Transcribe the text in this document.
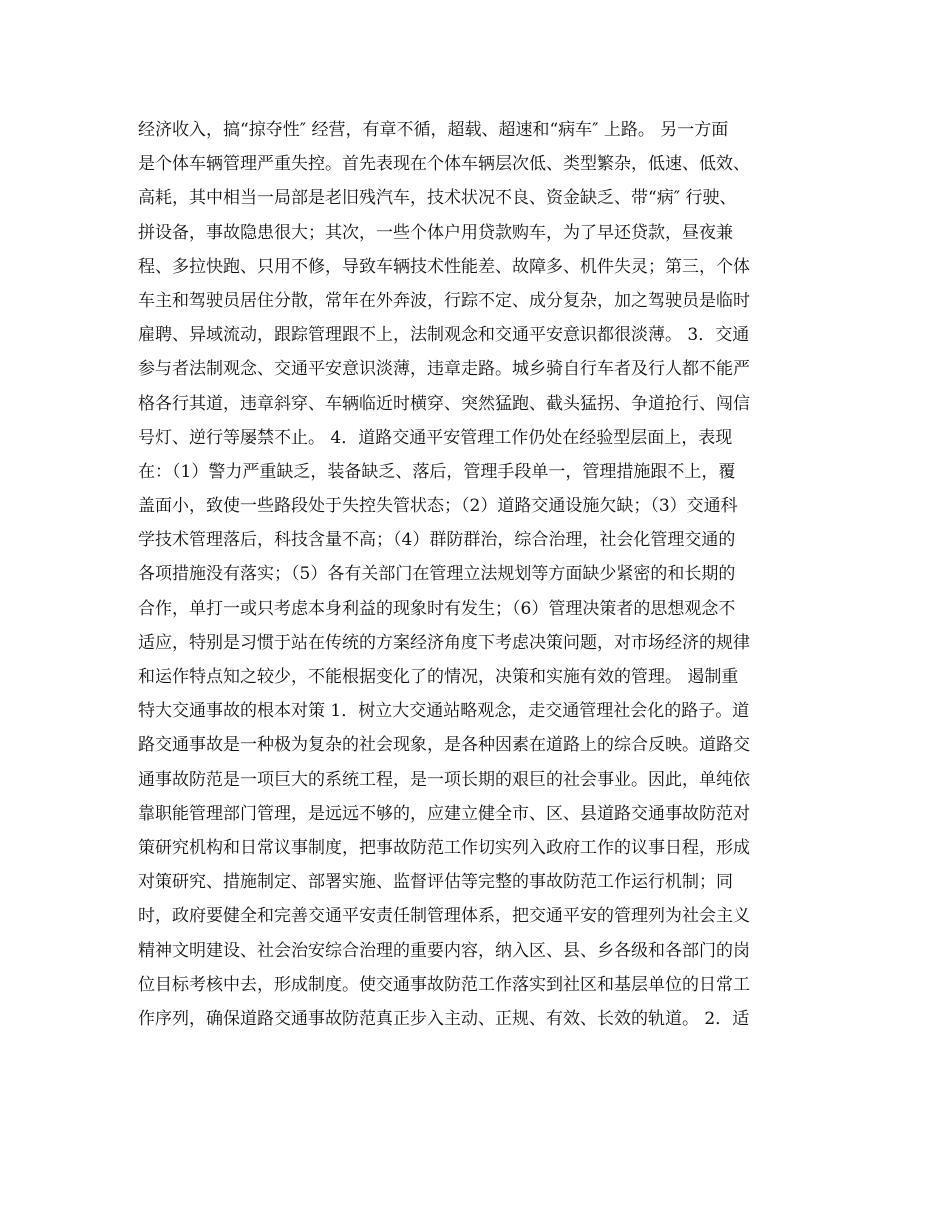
经济收入，搞“掠夺性″ 经营，有章不循，超载、超速和“病车″ 上路。 另一方面
是个体车辆管理严重失控。首先表现在个体车辆层次低、类型繁杂，低速、低效、
高耗，其中相当一局部是老旧残汽车，技术状况不良、资金缺乏、带“病″ 行驶、
拼设备，事故隐患很大；其次，一些个体户用贷款购车，为了早还贷款，昼夜兼
程、多拉快跑、只用不修，导致车辆技术性能差、故障多、机件失灵；第三，个体
车主和驾驶员居住分散，常年在外奔波，行踪不定、成分复杂，加之驾驶员是临时
雇聘、异域流动，跟踪管理跟不上，法制观念和交通平安意识都很淡薄。 3．交通
参与者法制观念、交通平安意识淡薄，违章走路。城乡骑自行车者及行人都不能严
格各行其道，违章斜穿、车辆临近时横穿、突然猛跑、截头猛拐、争道抢行、闯信
号灯、逆行等屡禁不止。 4．道路交通平安管理工作仍处在经验型层面上，表现
在：（1）警力严重缺乏，装备缺乏、落后，管理手段单一，管理措施跟不上，覆
盖面小，致使一些路段处于失控失管状态；（2）道路交通设施欠缺；（3）交通科
学技术管理落后，科技含量不高；（4）群防群治，综合治理，社会化管理交通的
各项措施没有落实；（5）各有关部门在管理立法规划等方面缺少紧密的和长期的
合作，单打一或只考虑本身利益的现象时有发生；（6）管理决策者的思想观念不
适应，特别是习惯于站在传统的方案经济角度下考虑决策问题，对市场经济的规律
和运作特点知之较少，不能根据变化了的情况，决策和实施有效的管理。 遏制重
特大交通事故的根本对策 1．树立大交通站略观念，走交通管理社会化的路子。道
路交通事故是一种极为复杂的社会现象，是各种因素在道路上的综合反映。道路交
通事故防范是一项巨大的系统工程，是一项长期的艰巨的社会事业。因此，单纯依
靠职能管理部门管理，是远远不够的，应建立健全市、区、县道路交通事故防范对
策研究机构和日常议事制度，把事故防范工作切实列入政府工作的议事日程，形成
对策研究、措施制定、部署实施、监督评估等完整的事故防范工作运行机制；同
时，政府要健全和完善交通平安责任制管理体系，把交通平安的管理列为社会主义
精神文明建设、社会治安综合治理的重要内容，纳入区、县、乡各级和各部门的岗
位目标考核中去，形成制度。使交通事故防范工作落实到社区和基层单位的日常工
作序列，确保道路交通事故防范真正步入主动、正规、有效、长效的轨道。 2．适
